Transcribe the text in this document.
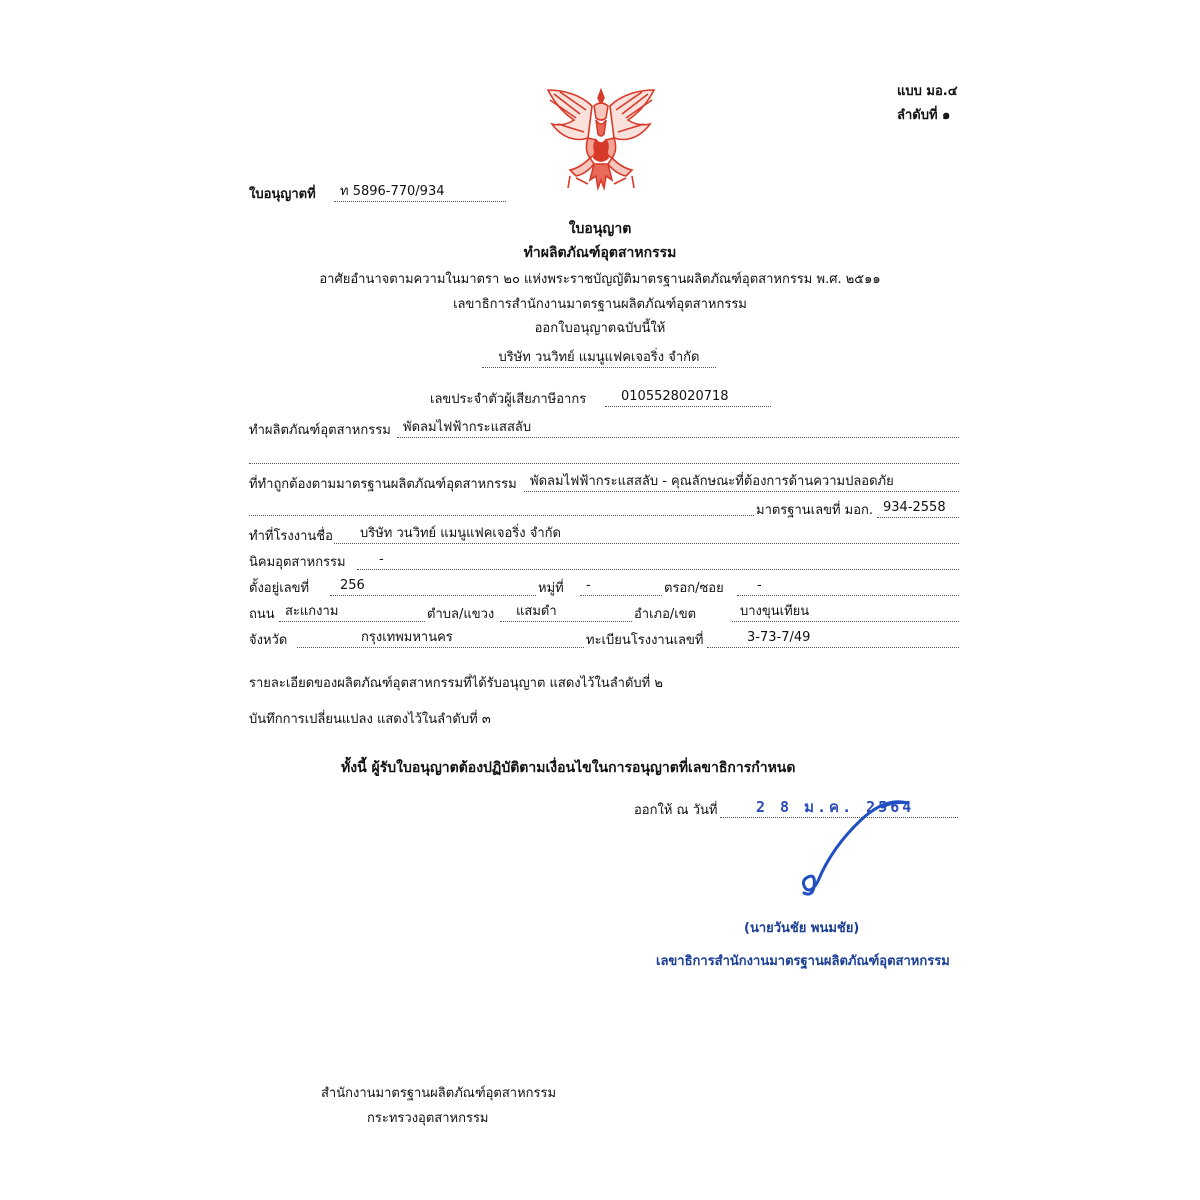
แบบ มอ.๔
ลำดับที่ ๑
ใบอนุญาตที่	ท 5896-770/934
ใบอนุญาต
ทำผลิตภัณฑ์อุตสาหกรรม
อาศัยอำนาจตามความในมาตรา ๒๐ แห่งพระราชบัญญัติมาตรฐานผลิตภัณฑ์อุตสาหกรรม พ.ศ. ๒๕๑๑
เลขาธิการสำนักงานมาตรฐานผลิตภัณฑ์อุตสาหกรรม
ออกใบอนุญาตฉบับนี้ให้
บริษัท วนวิทย์ แมนูแฟคเจอริ่ง จำกัด
เลขประจำตัวผู้เสียภาษีอากร	0105528020718
ทำผลิตภัณฑ์อุตสาหกรรม พัดลมไฟฟ้ากระแสสลับ
ที่ทำถูกต้องตามมาตรฐานผลิตภัณฑ์อุตสาหกรรม	พัดลมไฟฟ้ากระแสสลับ - คุณลักษณะที่ต้องการด้านความปลอดภัย
มาตรฐานเลขที่ มอก. 934-2558
ทำที่โรงงานชื่อ	บริษัท วนวิทย์ แมนูแฟคเจอริ่ง จำกัด
นิคมอุตสาหกรรม	-
ตั้งอยู่เลขที่	256	หมู่ที่	-	ตรอก/ซอย	-
ถนน สะแกงาม	ตำบล/แขวง	แสมดำ	อำเภอ/เขต	บางขุนเทียน
จังหวัด	กรุงเทพมหานคร	ทะเบียนโรงงานเลขที่	3-73-7/49
รายละเอียดของผลิตภัณฑ์อุตสาหกรรมที่ได้รับอนุญาต แสดงไว้ในลำดับที่ ๒
บันทึกการเปลี่ยนแปลง แสดงไว้ในลำดับที่ ๓
ทั้งนี้ ผู้รับใบอนุญาตต้องปฏิบัติตามเงื่อนไขในการอนุญาตที่เลขาธิการกำหนด
ออกให้ ณ วันที่	2 8 ม.ค. 2564
(นายวันชัย พนมชัย)
เลขาธิการสำนักงานมาตรฐานผลิตภัณฑ์อุตสาหกรรม
สำนักงานมาตรฐานผลิตภัณฑ์อุตสาหกรรม
กระทรวงอุตสาหกรรม
